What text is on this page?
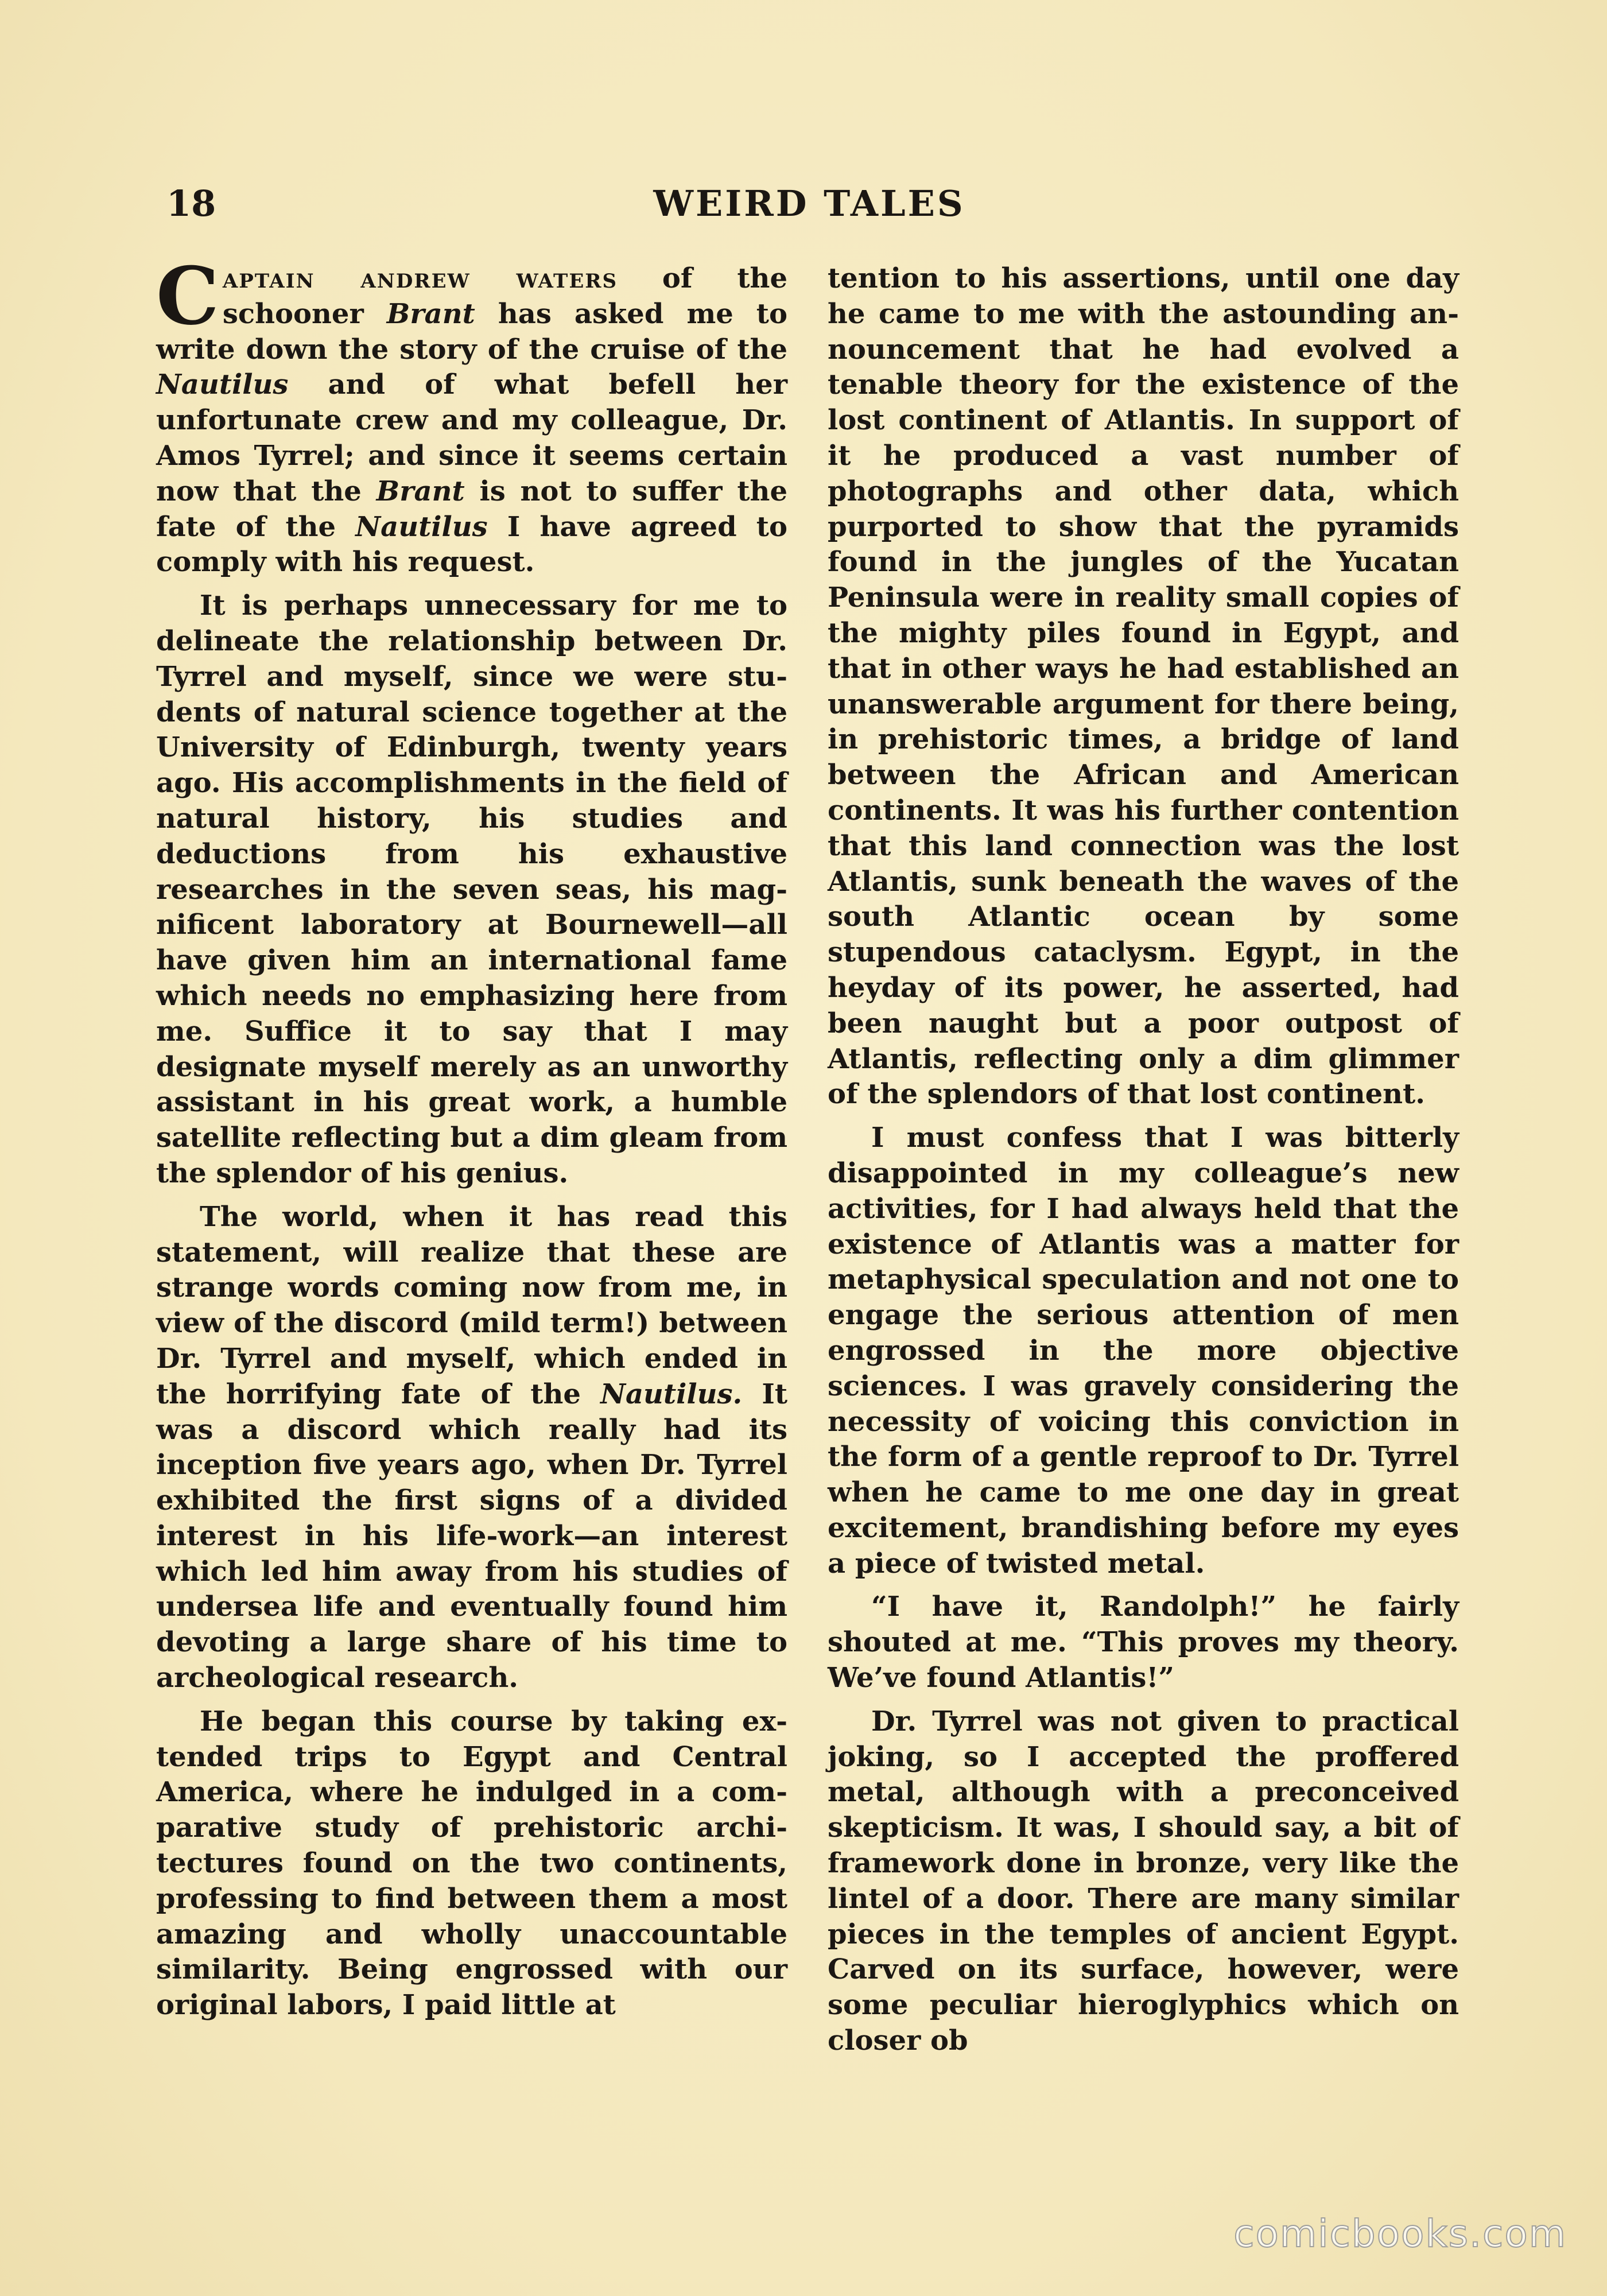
18	WEIRD TALES

Captain andrew waters of the schooner Brant has asked me to write down the story of the cruise of the Nautilus and of what befell her unfortunate crew and my colleague, Dr. Amos Tyrrel; and since it seems certain now that the Brant is not to suffer the fate of the Nautilus I have agreed to comply with his request.

It is perhaps unnecessary for me to delineate the relationship between Dr. Tyrrel and myself, since we were students of natural science together at the University of Edinburgh, twenty years ago. His accomplishments in the field of natural history, his studies and deductions from his exhaustive researches in the seven seas, his magnificent laboratory at Bournewell—all have given him an international fame which needs no emphasizing here from me. Suffice it to say that I may designate myself merely as an unworthy assistant in his great work, a humble satellite reflecting but a dim gleam from the splendor of his genius.

The world, when it has read this statement, will realize that these are strange words coming now from me, in view of the discord (mild term!) between Dr. Tyrrel and myself, which ended in the horrifying fate of the Nautilus. It was a discord which really had its inception five years ago, when Dr. Tyrrel exhibited the first signs of a divided interest in his life-work—an interest which led him away from his studies of undersea life and eventually found him devoting a large share of his time to archeological research.

He began this course by taking extended trips to Egypt and Central America, where he indulged in a comparative study of prehistoric architectures found on the two continents, professing to find between them a most amazing and wholly unaccountable similarity. Being engrossed with our original labors, I paid little at

tention to his assertions, until one day he came to me with the astounding announcement that he had evolved a tenable theory for the existence of the lost continent of Atlantis. In support of it he produced a vast number of photographs and other data, which purported to show that the pyramids found in the jungles of the Yucatan Peninsula were in reality small copies of the mighty piles found in Egypt, and that in other ways he had established an unanswerable argument for there being, in prehistoric times, a bridge of land between the African and American continents. It was his further contention that this land connection was the lost Atlantis, sunk beneath the waves of the south Atlantic ocean by some stupendous cataclysm. Egypt, in the heyday of its power, he asserted, had been naught but a poor outpost of Atlantis, reflecting only a dim glimmer of the splendors of that lost continent.

I must confess that I was bitterly disappointed in my colleague’s new activities, for I had always held that the existence of Atlantis was a matter for metaphysical speculation and not one to engage the serious attention of men engrossed in the more objective sciences. I was gravely considering the necessity of voicing this conviction in the form of a gentle reproof to Dr. Tyrrel when he came to me one day in great excitement, brandishing before my eyes a piece of twisted metal.

“I have it, Randolph!” he fairly shouted at me. “This proves my theory. We’ve found Atlantis!”

Dr. Tyrrel was not given to practical joking, so I accepted the proffered metal, although with a preconceived skepticism. It was, I should say, a bit of framework done in bronze, very like the lintel of a door. There are many similar pieces in the temples of ancient Egypt. Carved on its surface, however, were some peculiar hieroglyphics which on closer ob

comicbooks.com
